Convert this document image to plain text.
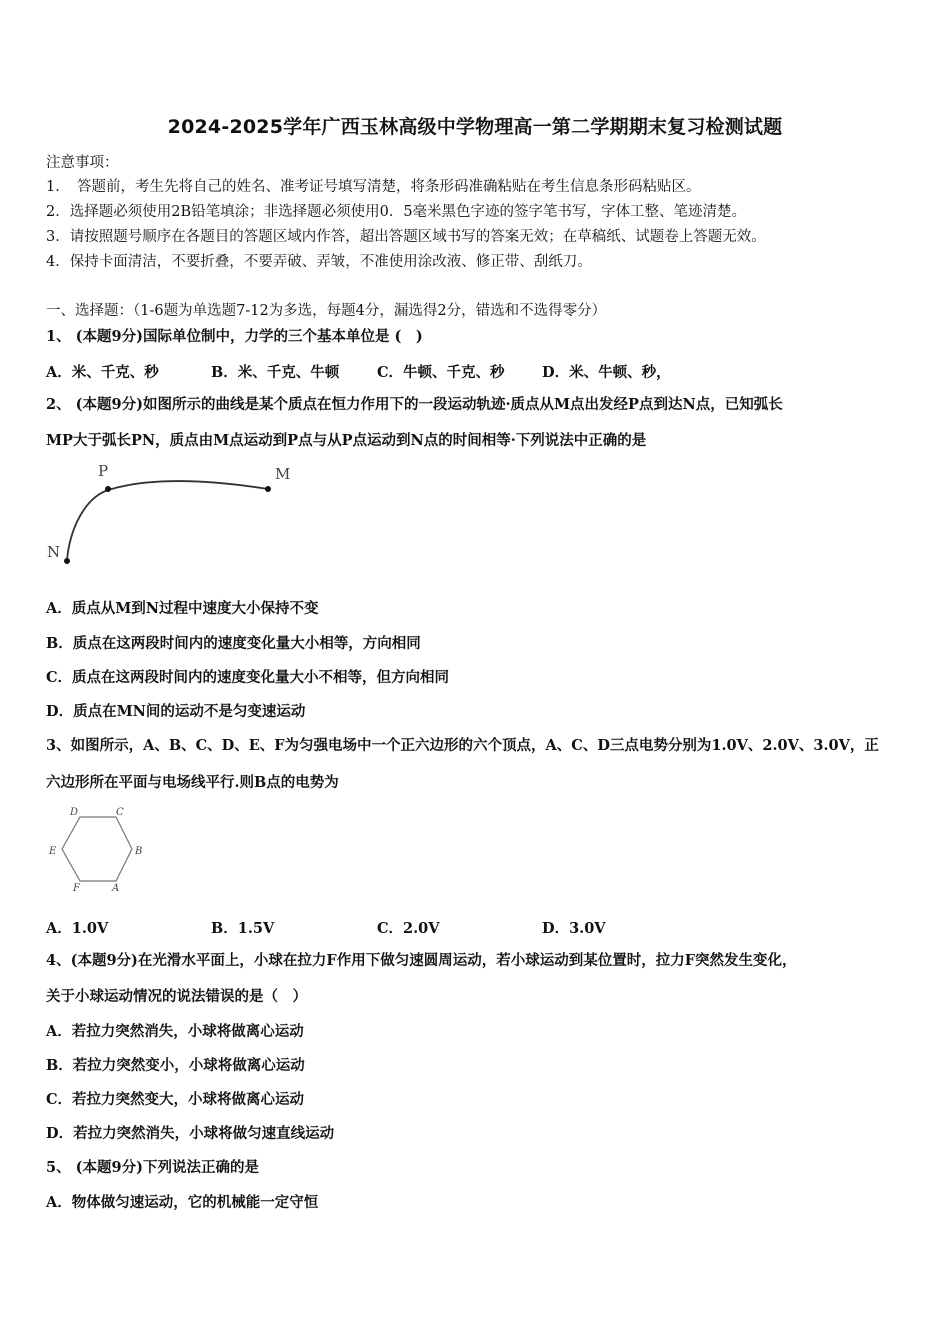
2024-2025学年广西玉林高级中学物理高一第二学期期末复习检测试题
注意事项：
1．　答题前，考生先将自己的姓名、准考证号填写清楚，将条形码准确粘贴在考生信息条形码粘贴区。
2．选择题必须使用2B铅笔填涂；非选择题必须使用0．5毫米黑色字迹的签字笔书写，字体工整、笔迹清楚。
3．请按照题号顺序在各题目的答题区域内作答，超出答题区域书写的答案无效；在草稿纸、试题卷上答题无效。
4．保持卡面清洁，不要折叠，不要弄破、弄皱，不准使用涂改液、修正带、刮纸刀。
一、选择题：（1-6题为单选题7-12为多选，每题4分，漏选得2分，错选和不选得零分）
1、 (本题9分)国际单位制中，力学的三个基本单位是 (　)
A．米、千克、秒	B．米、千克、牛顿	C．牛顿、千克、秒	D．米、牛顿、秒，
2、 (本题9分)如图所示的曲线是某个质点在恒力作用下的一段运动轨迹·质点从M点出发经P点到达N点，已知弧长
MP大于弧长PN，质点由M点运动到P点与从P点运动到N点的时间相等·下列说法中正确的是
P	M
N
A．质点从M到N过程中速度大小保持不变
B．质点在这两段时间内的速度变化量大小相等，方向相同
C．质点在这两段时间内的速度变化量大小不相等，但方向相同
D．质点在MN间的运动不是匀变速运动
3、如图所示，A、B、C、D、E、F为匀强电场中一个正六边形的六个顶点，A、C、D三点电势分别为1.0V、2.0V、3.0V，正
六边形所在平面与电场线平行.则B点的电势为
D	C
E	B
F	A
A．1.0V	B．1.5V	C．2.0V	D．3.0V
4、(本题9分)在光滑水平面上，小球在拉力F作用下做匀速圆周运动，若小球运动到某位置时，拉力F突然发生变化，
关于小球运动情况的说法错误的是（　）
A．若拉力突然消失，小球将做离心运动
B．若拉力突然变小，小球将做离心运动
C．若拉力突然变大，小球将做离心运动
D．若拉力突然消失，小球将做匀速直线运动
5、 (本题9分)下列说法正确的是
A．物体做匀速运动，它的机械能一定守恒
